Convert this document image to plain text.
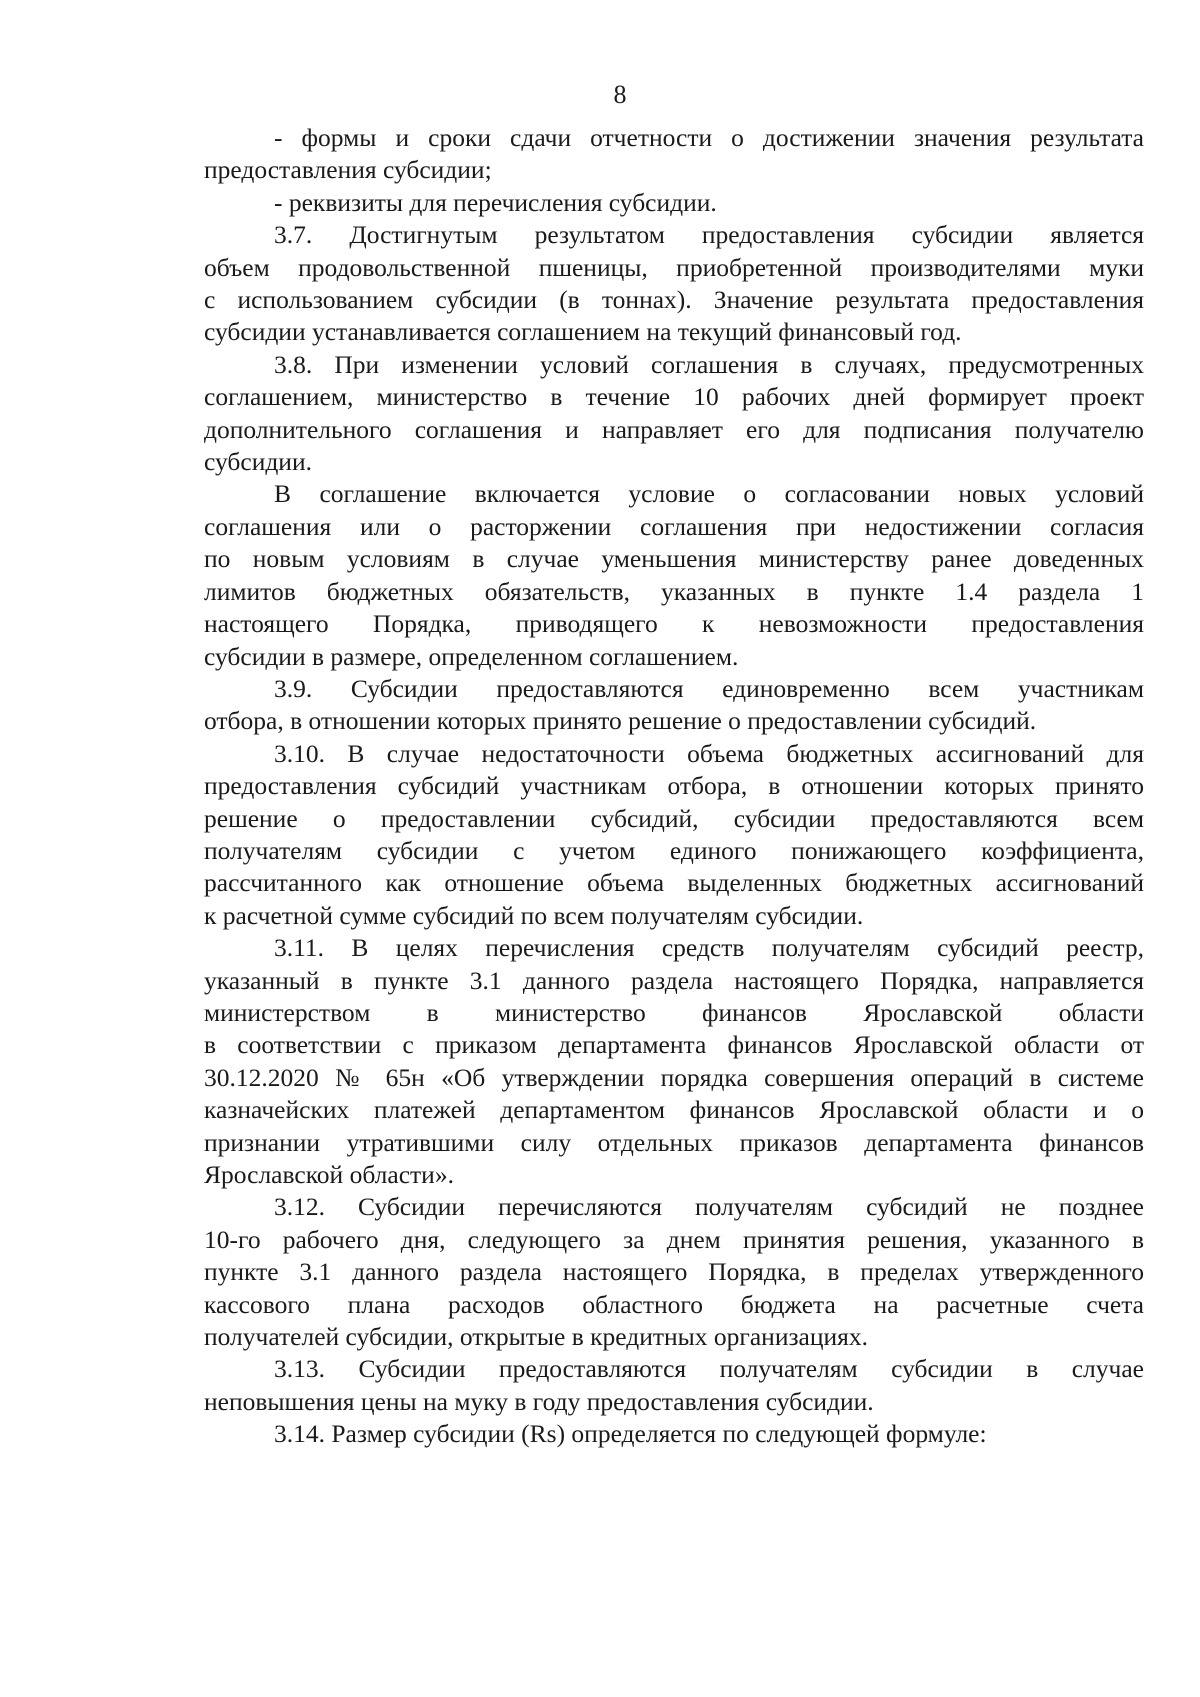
8
- формы и сроки сдачи отчетности о достижении значения результата
предоставления субсидии;
- реквизиты для перечисления субсидии.
3.7. Достигнутым результатом предоставления субсидии является
объем продовольственной пшеницы, приобретенной производителями муки
с использованием субсидии (в тоннах). Значение результата предоставления
субсидии устанавливается соглашением на текущий финансовый год.
3.8. При изменении условий соглашения в случаях, предусмотренных
соглашением, министерство в течение 10 рабочих дней формирует проект
дополнительного соглашения и направляет его для подписания получателю
субсидии.
В соглашение включается условие о согласовании новых условий
соглашения или о расторжении соглашения при недостижении согласия
по новым условиям в случае уменьшения министерству ранее доведенных
лимитов бюджетных обязательств, указанных в пункте 1.4 раздела 1
настоящего Порядка, приводящего к невозможности предоставления
субсидии в размере, определенном соглашением.
3.9. Субсидии предоставляются единовременно всем участникам
отбора, в отношении которых принято решение о предоставлении субсидий.
3.10. В случае недостаточности объема бюджетных ассигнований для
предоставления субсидий участникам отбора, в отношении которых принято
решение о предоставлении субсидий, субсидии предоставляются всем
получателям субсидии с учетом единого понижающего коэффициента,
рассчитанного как отношение объема выделенных бюджетных ассигнований
к расчетной сумме субсидий по всем получателям субсидии.
3.11. В целях перечисления средств получателям субсидий реестр,
указанный в пункте 3.1 данного раздела настоящего Порядка, направляется
министерством в министерство финансов Ярославской области
в соответствии с приказом департамента финансов Ярославской области от
30.12.2020 № 65н «Об утверждении порядка совершения операций в системе
казначейских платежей департаментом финансов Ярославской области и о
признании утратившими силу отдельных приказов департамента финансов
Ярославской области».
3.12. Субсидии перечисляются получателям субсидий не позднее
10-го рабочего дня, следующего за днем принятия решения, указанного в
пункте 3.1 данного раздела настоящего Порядка, в пределах утвержденного
кассового плана расходов областного бюджета на расчетные счета
получателей субсидии, открытые в кредитных организациях.
3.13. Субсидии предоставляются получателям субсидии в случае
неповышения цены на муку в году предоставления субсидии.
3.14. Размер субсидии (Rs) определяется по следующей формуле:
